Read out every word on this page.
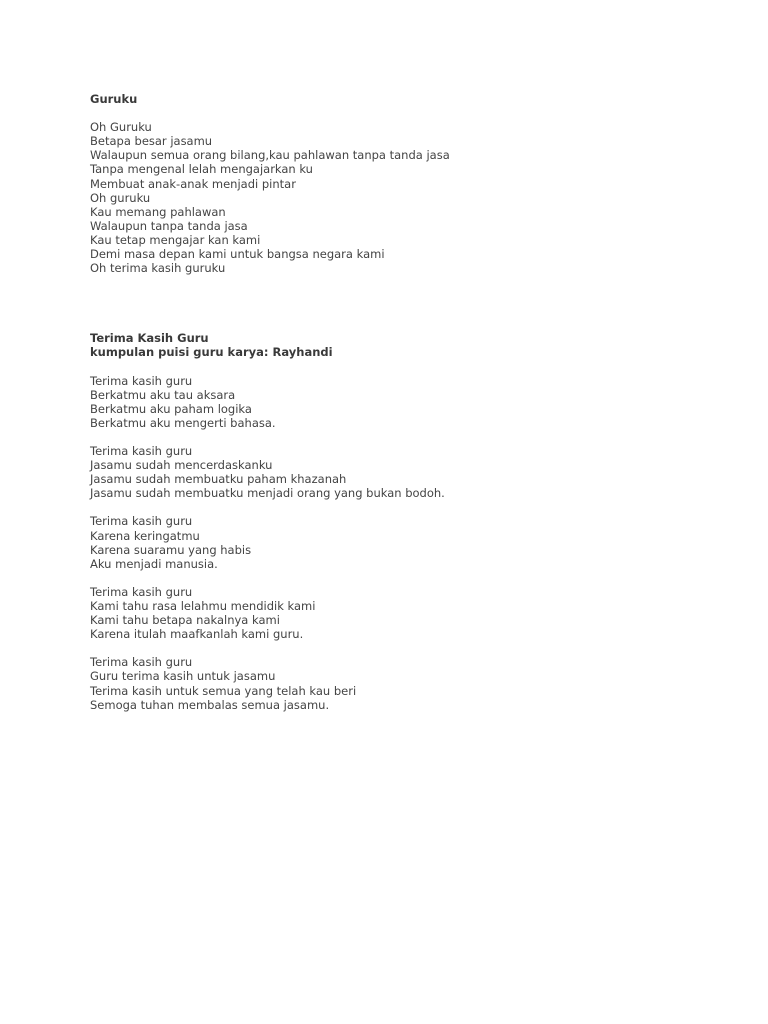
Guruku

Oh Guruku

Betapa besar jasamu

Walaupun semua orang bilang,kau pahlawan tanpa tanda jasa

Tanpa mengenal lelah mengajarkan ku

Membuat anak-anak menjadi pintar

Oh guruku

Kau memang pahlawan

Walaupun tanpa tanda jasa

Kau tetap mengajar kan kami

Demi masa depan kami untuk bangsa negara kami

Oh terima kasih guruku

Terima Kasih Guru

kumpulan puisi guru karya: Rayhandi

Terima kasih guru

Berkatmu aku tau aksara

Berkatmu aku paham logika

Berkatmu aku mengerti bahasa.

Terima kasih guru

Jasamu sudah mencerdaskanku

Jasamu sudah membuatku paham khazanah

Jasamu sudah membuatku menjadi orang yang bukan bodoh.

Terima kasih guru

Karena keringatmu

Karena suaramu yang habis

Aku menjadi manusia.

Terima kasih guru

Kami tahu rasa lelahmu mendidik kami

Kami tahu betapa nakalnya kami

Karena itulah maafkanlah kami guru.

Terima kasih guru

Guru terima kasih untuk jasamu

Terima kasih untuk semua yang telah kau beri

Semoga tuhan membalas semua jasamu.
